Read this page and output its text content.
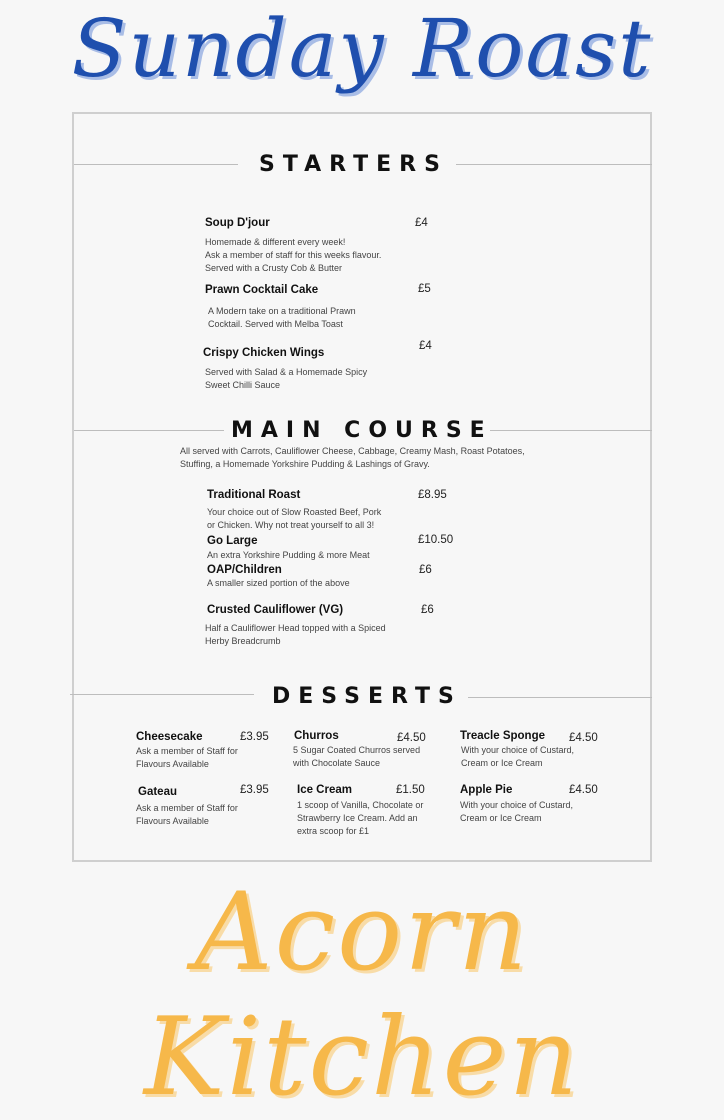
Sunday Roast
STARTERS
Soup D'jour	£4
Homemade & different every week!
Ask a member of staff for this weeks flavour.
Served with a Crusty Cob & Butter
Prawn Cocktail Cake	£5
A Modern take on a traditional Prawn
Cocktail. Served with Melba Toast
Crispy Chicken Wings
£4
Served with Salad & a Homemade Spicy
Sweet Chilli Sauce
MAIN COURSE
All served with Carrots, Cauliflower Cheese, Cabbage, Creamy Mash, Roast Potatoes,
Stuffing, a Homemade Yorkshire Pudding & Lashings of Gravy.
Traditional Roast	£8.95
Your choice out of Slow Roasted Beef, Pork
or Chicken. Why not treat yourself to all 3!
Go Large	£10.50
An extra Yorkshire Pudding & more Meat
OAP/Children	£6
A smaller sized portion of the above
Crusted Cauliflower (VG)	£6
Half a Cauliflower Head topped with a Spiced
Herby Breadcrumb
DESSERTS
Cheesecake	£3.95
Ask a member of Staff for
Flavours Available
Churros	£4.50
5 Sugar Coated Churros served
with Chocolate Sauce
Treacle Sponge £4.50
With your choice of Custard,
Cream or Ice Cream
Gateau	£3.95
Ask a member of Staff for
Flavours Available
Ice Cream	£1.50
1 scoop of Vanilla, Chocolate or
Strawberry Ice Cream. Add an
extra scoop for £1
Apple Pie	£4.50
With your choice of Custard,
Cream or Ice Cream
Acorn Kitchen
